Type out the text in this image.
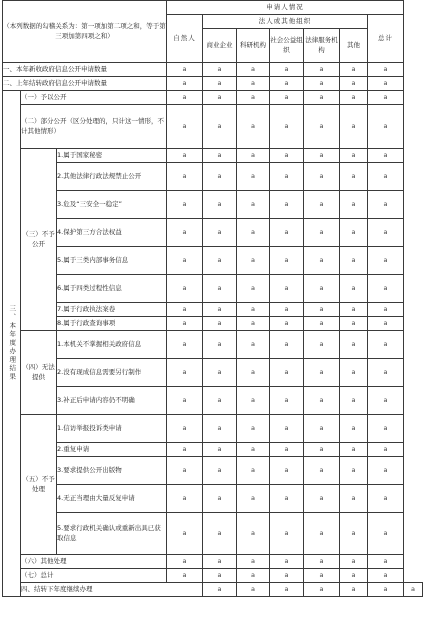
（本列数据的勾稽关系为：第一项加第二项之和，等于第三项加第四项之和）			申请人情况							
			自然人	法人或其他组织					总计	
				商业企业	科研机构	社会公益组织	法律服务机构	其他		
一、本年新收政府信息公开申请数量			a	a	a	a	a	a	a	
二、上年结转政府信息公开申请数量			a	a	a	a	a	a	a	
三、本年度办理结果	（一）予以公开		a	a	a	a	a	a	a	
	（二）部分公开（区分处理的，只计这一情形，不计其他情形）		a	a	a	a	a	a	a	
	（三）不予公开	1.属于国家秘密	a	a	a	a	a	a	a	
		2.其他法律行政法规禁止公开	a	a	a	a	a	a	a	
		3.危及“三安全一稳定”	a	a	a	a	a	a	a	
		4.保护第三方合法权益	a	a	a	a	a	a	a	
		5.属于三类内部事务信息	a	a	a	a	a	a	a	
		6.属于四类过程性信息	a	a	a	a	a	a	a	
		7.属于行政执法案卷	a	a	a	a	a	a	a	
		8.属于行政查询事项	a	a	a	a	a	a	a	
	（四）无法提供	1.本机关不掌握相关政府信息	a	a	a	a	a	a	a	
		2.没有现成信息需要另行制作	a	a	a	a	a	a	a	
		3.补正后申请内容仍不明确	a	a	a	a	a	a	a	
	（五）不予处理	1.信访举报投诉类申请	a	a	a	a	a	a	a	
		2.重复申请	a	a	a	a	a	a	a	
		3.要求提供公开出版物	a	a	a	a	a	a	a	
		4.无正当理由大量反复申请	a	a	a	a	a	a	a	
		5.要求行政机关确认或重新出具已获取信息	a	a	a	a	a	a	a	
	（六）其他处理		a	a	a	a	a	a	a	
	（七）总计		a	a	a	a	a	a	a	
	四、结转下年度继续办理			a	a	a	a	a	a	a
